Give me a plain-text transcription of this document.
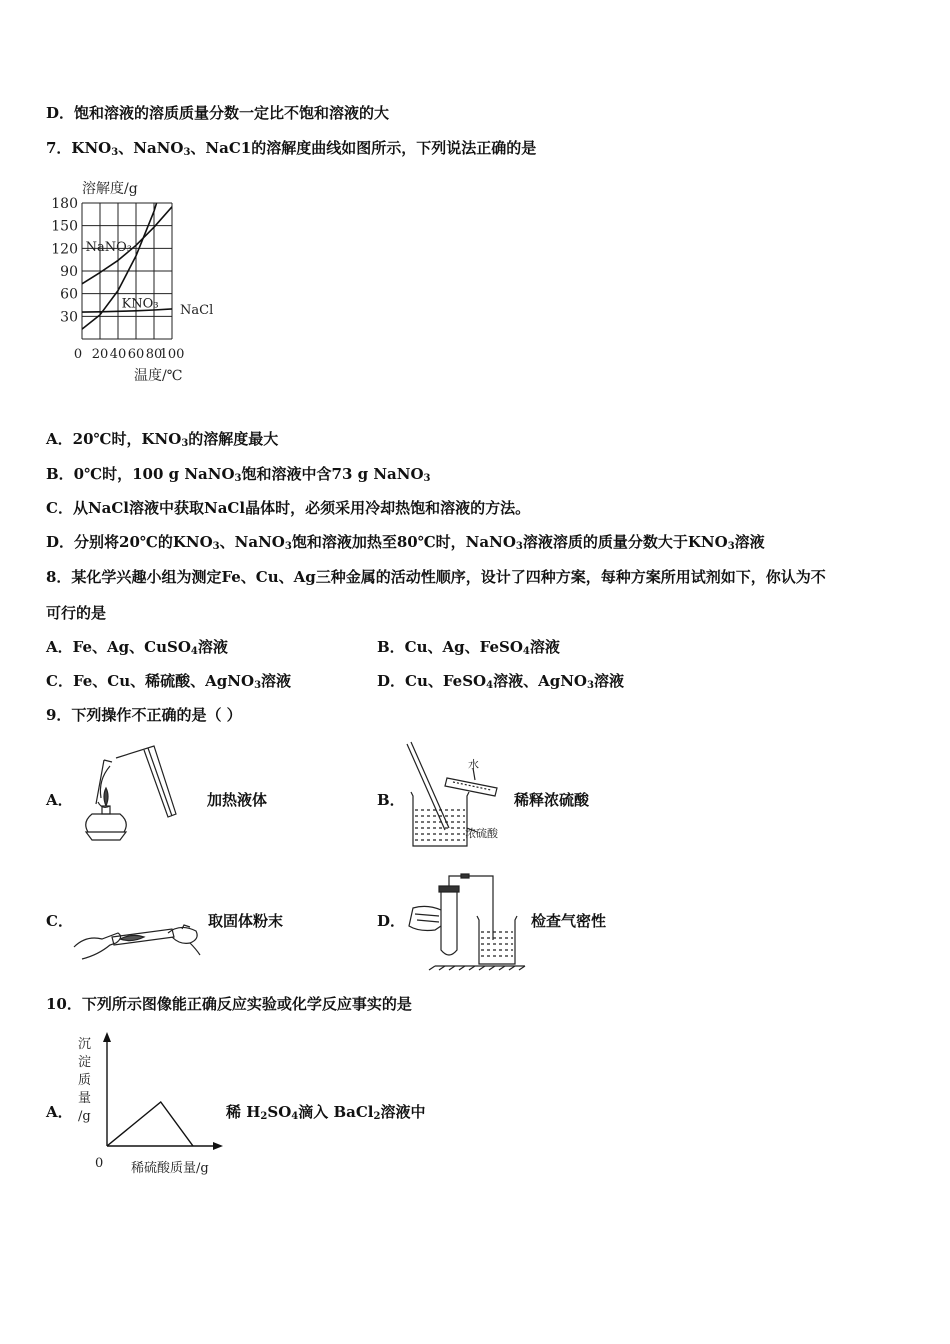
D．饱和溶液的溶质质量分数一定比不饱和溶液的大
7．$KNO_3$、NaNO$_3$、NaC1的溶解度曲线如图所示，下列说法正确的是
180
150
120
90
60
30
0 20 40 60 80
100
溶解度/g
温度/℃
NaNO₃
KNO₃ NaCl
A．20℃时，$KNO_3$的溶解度最大
B．0℃时，100 g NaNO$_3$饱和溶液中含73 g NaNO$_3$
C．从NaCl溶液中获取NaCl晶体时，必须采用冷却热饱和溶液的方法。
D．分别将20℃的$KNO_3$、NaNO$_3$饱和溶液加热至80℃时，NaNO$_3$溶液溶质的质量分数大于$KNO_3$溶液
8．某化学兴趣小组为测定Fe、Cu、Ag三种金属的活动性顺序，设计了四种方案，每种方案所用试剂如下，你认为不
可行的是
A．Fe、Ag、CuSO$_4$溶液	B．Cu、Ag、FeSO$_4$溶液
C．Fe、Cu、稀硫酸、AgNO$_3$溶液	D．Cu、FeSO$_4$溶液、AgNO$_3$溶液
9．下列操作不正确的是（ ）
A．	加热液体	B．
水
浓硫酸
稀释浓硫酸
C．	取固体粉末	D．	检查气密性
10．下列所示图像能正确反应实验或化学反应事实的是
A．
沉
淀
质
量
/g
0 稀硫酸质量/g
稀 $H_2SO_4$滴入 BaCl$_2$溶液中
